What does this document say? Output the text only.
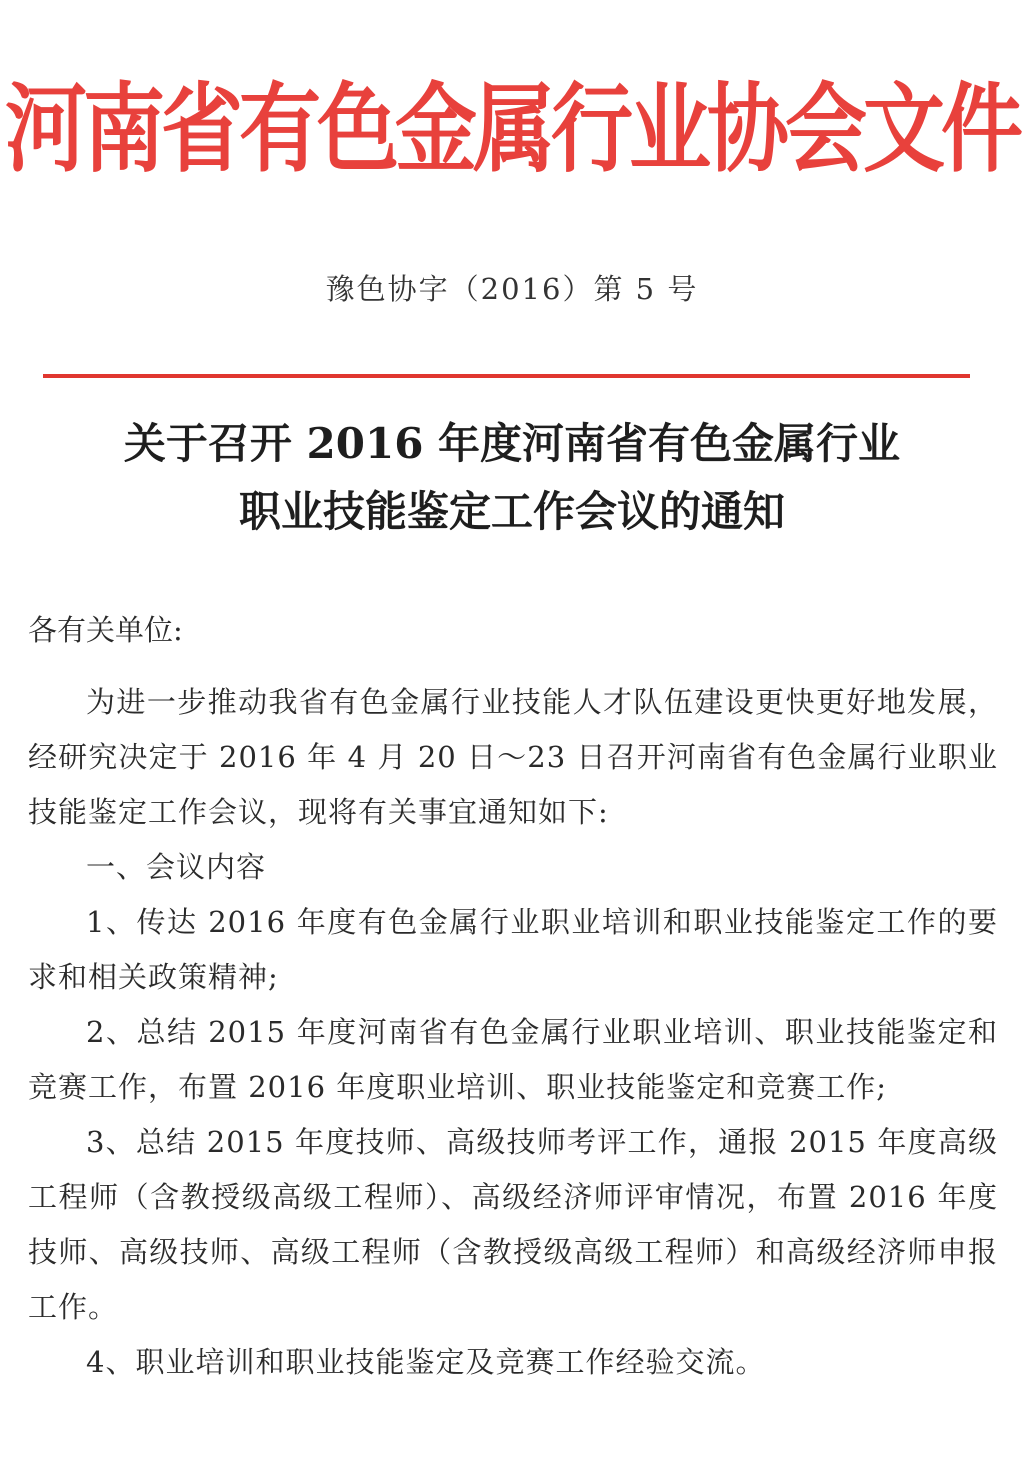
河南省有色金属行业协会文件
豫色协字（2016）第 5 号
关于召开 2016 年度河南省有色金属行业
职业技能鉴定工作会议的通知
各有关单位:

为进一步推动我省有色金属行业技能人才队伍建设更快更好地发展，经研究决定于 2016 年 4 月 20 日～23 日召开河南省有色金属行业职业技能鉴定工作会议，现将有关事宜通知如下:

一、会议内容

1、传达 2016 年度有色金属行业职业培训和职业技能鉴定工作的要求和相关政策精神;

2、总结 2015 年度河南省有色金属行业职业培训、职业技能鉴定和竞赛工作，布置 2016 年度职业培训、职业技能鉴定和竞赛工作;

3、总结 2015 年度技师、高级技师考评工作，通报 2015 年度高级工程师（含教授级高级工程师）、高级经济师评审情况，布置 2016 年度技师、高级技师、高级工程师（含教授级高级工程师）和高级经济师申报工作。

4、职业培训和职业技能鉴定及竞赛工作经验交流。
